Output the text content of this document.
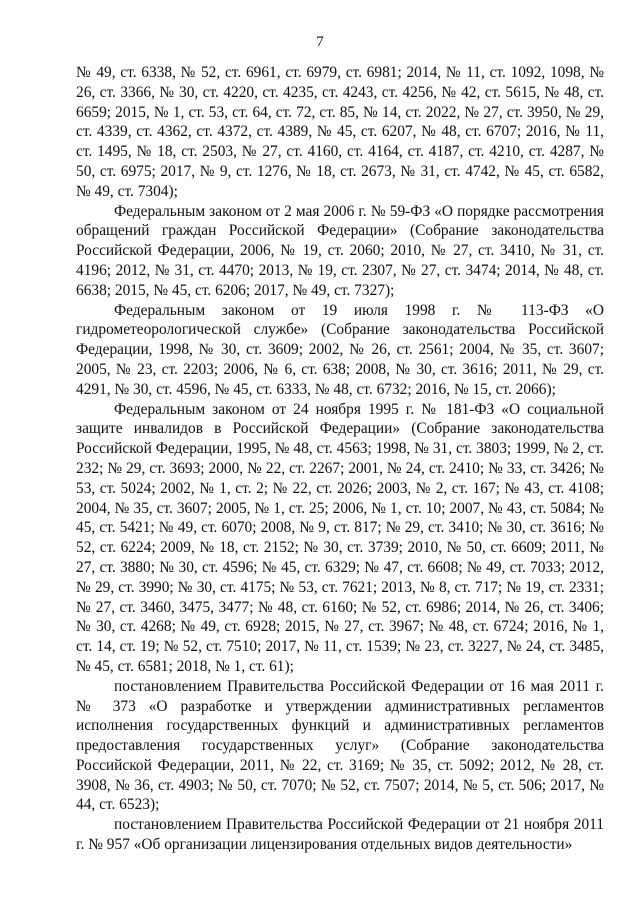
7

№ 49, ст. 6338, № 52, ст. 6961, ст. 6979, ст. 6981; 2014, № 11, ст. 1092, 1098, № 26, ст. 3366, № 30, ст. 4220, ст. 4235, ст. 4243, ст. 4256, № 42, ст. 5615, № 48, ст. 6659; 2015, № 1, ст. 53, ст. 64, ст. 72, ст. 85, № 14, ст. 2022, № 27, ст. 3950, № 29, ст. 4339, ст. 4362, ст. 4372, ст. 4389, № 45, ст. 6207, № 48, ст. 6707; 2016, № 11, ст. 1495, № 18, ст. 2503, № 27, ст. 4160, ст. 4164, ст. 4187, ст. 4210, ст. 4287, № 50, ст. 6975; 2017, № 9, ст. 1276, № 18, ст. 2673, № 31, ст. 4742, № 45, ст. 6582, № 49, ст. 7304);

Федеральным законом от 2 мая 2006 г. № 59-ФЗ «О порядке рассмотрения обращений граждан Российской Федерации» (Собрание законодательства Российской Федерации, 2006, № 19, ст. 2060; 2010, № 27, ст. 3410, № 31, ст. 4196; 2012, № 31, ст. 4470; 2013, № 19, ст. 2307, № 27, ст. 3474; 2014, № 48, ст. 6638; 2015, № 45, ст. 6206; 2017, № 49, ст. 7327);

Федеральным законом от 19 июля 1998 г. № 113-ФЗ «О гидрометеорологической службе» (Собрание законодательства Российской Федерации, 1998, № 30, ст. 3609; 2002, № 26, ст. 2561; 2004, № 35, ст. 3607; 2005, № 23, ст. 2203; 2006, № 6, ст. 638; 2008, № 30, ст. 3616; 2011, № 29, ст. 4291, № 30, ст. 4596, № 45, ст. 6333, № 48, ст. 6732; 2016, № 15, ст. 2066);

Федеральным законом от 24 ноября 1995 г. № 181-ФЗ «О социальной защите инвалидов в Российской Федерации» (Собрание законодательства Российской Федерации, 1995, № 48, ст. 4563; 1998, № 31, ст. 3803; 1999, № 2, ст. 232; № 29, ст. 3693; 2000, № 22, ст. 2267; 2001, № 24, ст. 2410; № 33, ст. 3426; № 53, ст. 5024; 2002, № 1, ст. 2; № 22, ст. 2026; 2003, № 2, ст. 167; № 43, ст. 4108; 2004, № 35, ст. 3607; 2005, № 1, ст. 25; 2006, № 1, ст. 10; 2007, № 43, ст. 5084; № 45, ст. 5421; № 49, ст. 6070; 2008, № 9, ст. 817; № 29, ст. 3410; № 30, ст. 3616; № 52, ст. 6224; 2009, № 18, ст. 2152; № 30, ст. 3739; 2010, № 50, ст. 6609; 2011, № 27, ст. 3880; № 30, ст. 4596; № 45, ст. 6329; № 47, ст. 6608; № 49, ст. 7033; 2012, № 29, ст. 3990; № 30, ст. 4175; № 53, ст. 7621; 2013, № 8, ст. 717; № 19, ст. 2331; № 27, ст. 3460, 3475, 3477; № 48, ст. 6160; № 52, ст. 6986; 2014, № 26, ст. 3406; № 30, ст. 4268; № 49, ст. 6928; 2015, № 27, ст. 3967; № 48, ст. 6724; 2016, № 1, ст. 14, ст. 19; № 52, ст. 7510; 2017, № 11, ст. 1539; № 23, ст. 3227, № 24, ст. 3485, № 45, ст. 6581; 2018, № 1, ст. 61);

постановлением Правительства Российской Федерации от 16 мая 2011 г. № 373 «О разработке и утверждении административных регламентов исполнения государственных функций и административных регламентов предоставления государственных услуг» (Собрание законодательства Российской Федерации, 2011, № 22, ст. 3169; № 35, ст. 5092; 2012, № 28, ст. 3908, № 36, ст. 4903; № 50, ст. 7070; № 52, ст. 7507; 2014, № 5, ст. 506; 2017, № 44, ст. 6523);

постановлением Правительства Российской Федерации от 21 ноября 2011 г. № 957 «Об организации лицензирования отдельных видов деятельности»
